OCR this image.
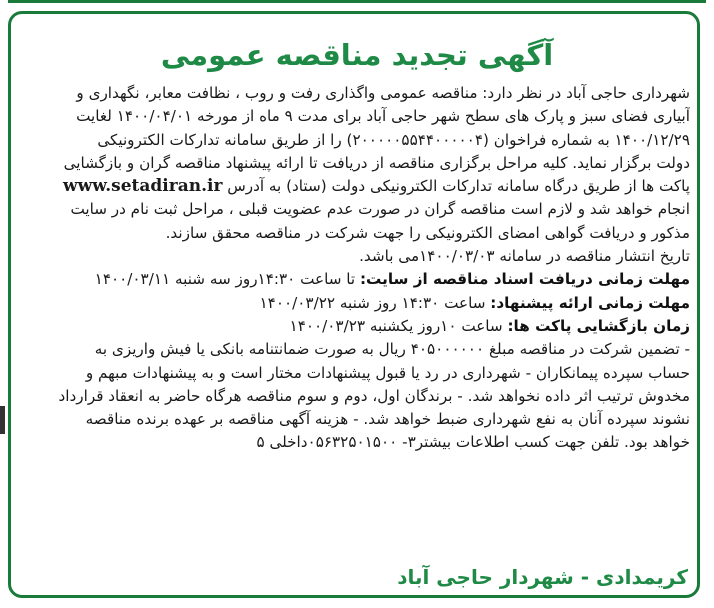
آگهی تجدید مناقصه عمومی
شهرداری حاجی آباد در نظر دارد: مناقصه عمومی واگذاری رفت و روب ، نظافت معابر، نگهداری و
آبیاری فضای سبز و پارک های سطح شهر حاجی آباد برای مدت ۹ ماه از مورخه ۱۴۰۰/۰۴/۰۱ لغایت
۱۴۰۰/۱۲/۲۹ به شماره فراخوان (۲۰۰۰۰۰۵۵۴۴۰۰۰۰۰۴) را از طریق سامانه تدارکات الکترونیکی
دولت برگزار نماید. کلیه مراحل برگزاری مناقصه از دریافت تا ارائه پیشنهاد مناقصه گران و بازگشایی
پاکت ها از طریق درگاه سامانه تدارکات الکترونیکی دولت (ستاد) به آدرس www.setadiran.ir
انجام خواهد شد و لازم است مناقصه گران در صورت عدم عضویت قبلی ، مراحل ثبت نام در سایت
مذکور و دریافت گواهی امضای الکترونیکی را جهت شرکت در مناقصه محقق سازند.
تاریخ انتشار مناقصه در سامانه ۱۴۰۰/۰۳/۰۳می باشد.
مهلت زمانی دریافت اسناد مناقصه از سایت: تا ساعت ۱۴:۳۰روز سه شنبه ۱۴۰۰/۰۳/۱۱
مهلت زمانی ارائه پیشنهاد: ساعت ۱۴:۳۰ روز شنبه ۱۴۰۰/۰۳/۲۲
زمان بازگشایی پاکت ها: ساعت ۱۰روز یکشنبه ۱۴۰۰/۰۳/۲۳
- تضمین شرکت در مناقصه مبلغ ۴۰۵۰۰۰۰۰۰ ریال به صورت ضمانتنامه بانکی یا فیش واریزی به
حساب سپرده پیمانکاران - شهرداری در رد یا قبول پیشنهادات مختار است و به پیشنهادات مبهم و
مخدوش ترتیب اثر داده نخواهد شد. - برندگان اول، دوم و سوم مناقصه هرگاه حاضر به انعقاد قرارداد
نشوند سپرده آنان به نفع شهرداری ضبط خواهد شد. - هزینه آگهی مناقصه بر عهده برنده مناقصه
خواهد بود. تلفن جهت کسب اطلاعات بیشتر۳- ۰۵۶۳۲۵۰۱۵۰۰داخلی ۵
کریمدادی - شهردار حاجی آباد
